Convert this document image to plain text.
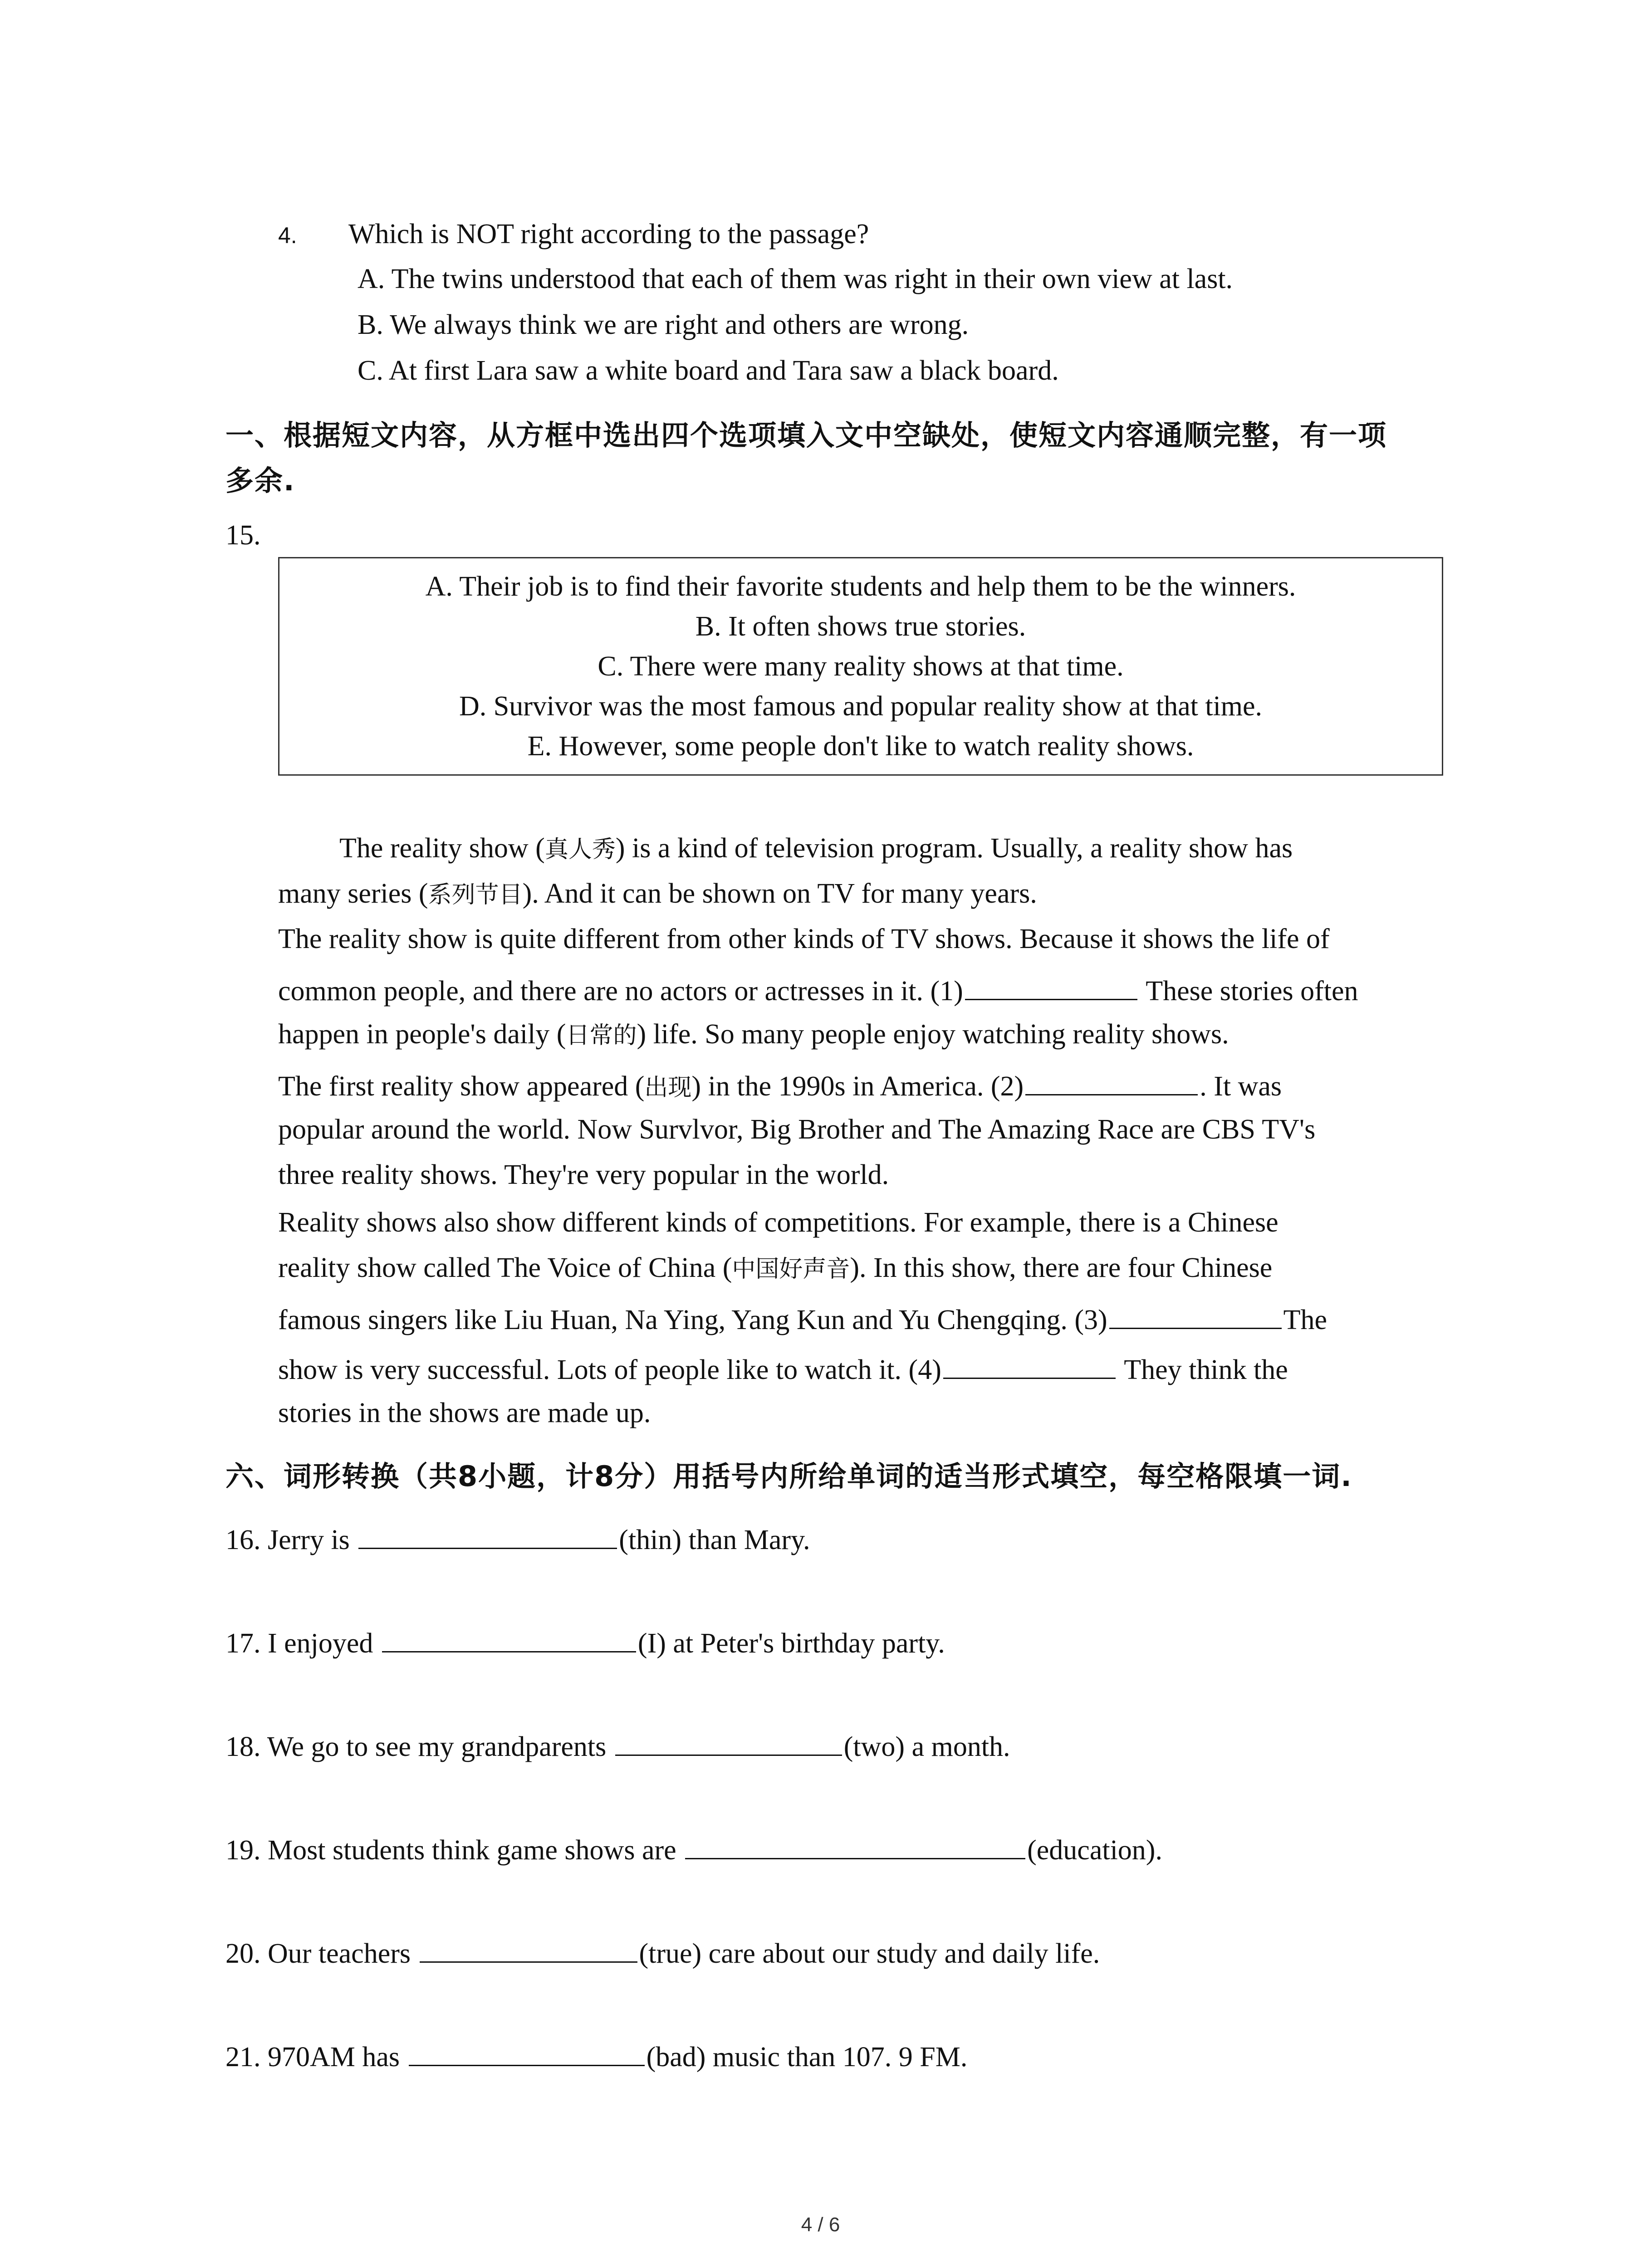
4. Which is NOT right according to the passage?
A. The twins understood that each of them was right in their own view at last.
B. We always think we are right and others are wrong.
C. At first Lara saw a white board and Tara saw a black board.
一、根据短文内容，从方框中选出四个选项填入文中空缺处，使短文内容通顺完整，有一项
多余.
15.
A. Their job is to find their favorite students and help them to be the winners.
B. It often shows true stories.
C. There were many reality shows at that time.
D. Survivor was the most famous and popular reality show at that time.
E. However, some people don't like to watch reality shows.
The reality show (真人秀) is a kind of television program. Usually, a reality show has
many series (系列节目). And it can be shown on TV for many years.
The reality show is quite different from other kinds of TV shows. Because it shows the life of
common people, and there are no actors or actresses in it. (1)	These stories often
happen in people's daily (日常的) life. So many people enjoy watching reality shows.
The first reality show appeared (出现) in the 1990s in America. (2)	. It was
popular around the world. Now Survlvor, Big Brother and The Amazing Race are CBS TV's
three reality shows. They're very popular in the world.
Reality shows also show different kinds of competitions. For example, there is a Chinese
reality show called The Voice of China (中国好声音). In this show, there are four Chinese
famous singers like Liu Huan, Na Ying, Yang Kun and Yu Chengqing. (3)	The
show is very successful. Lots of people like to watch it. (4)	They think the
stories in the shows are made up.
六、词形转换（共8小题，计8分）用括号内所给单词的适当形式填空，每空格限填一词.
16. Jerry is	(thin) than Mary.
17. I enjoyed	(I) at Peter's birthday party.
18. We go to see my grandparents	(two) a month.
19. Most students think game shows are	(education).
20. Our teachers	(true) care about our study and daily life.
21. 970AM has	(bad) music than 107. 9 FM.
4 / 6
